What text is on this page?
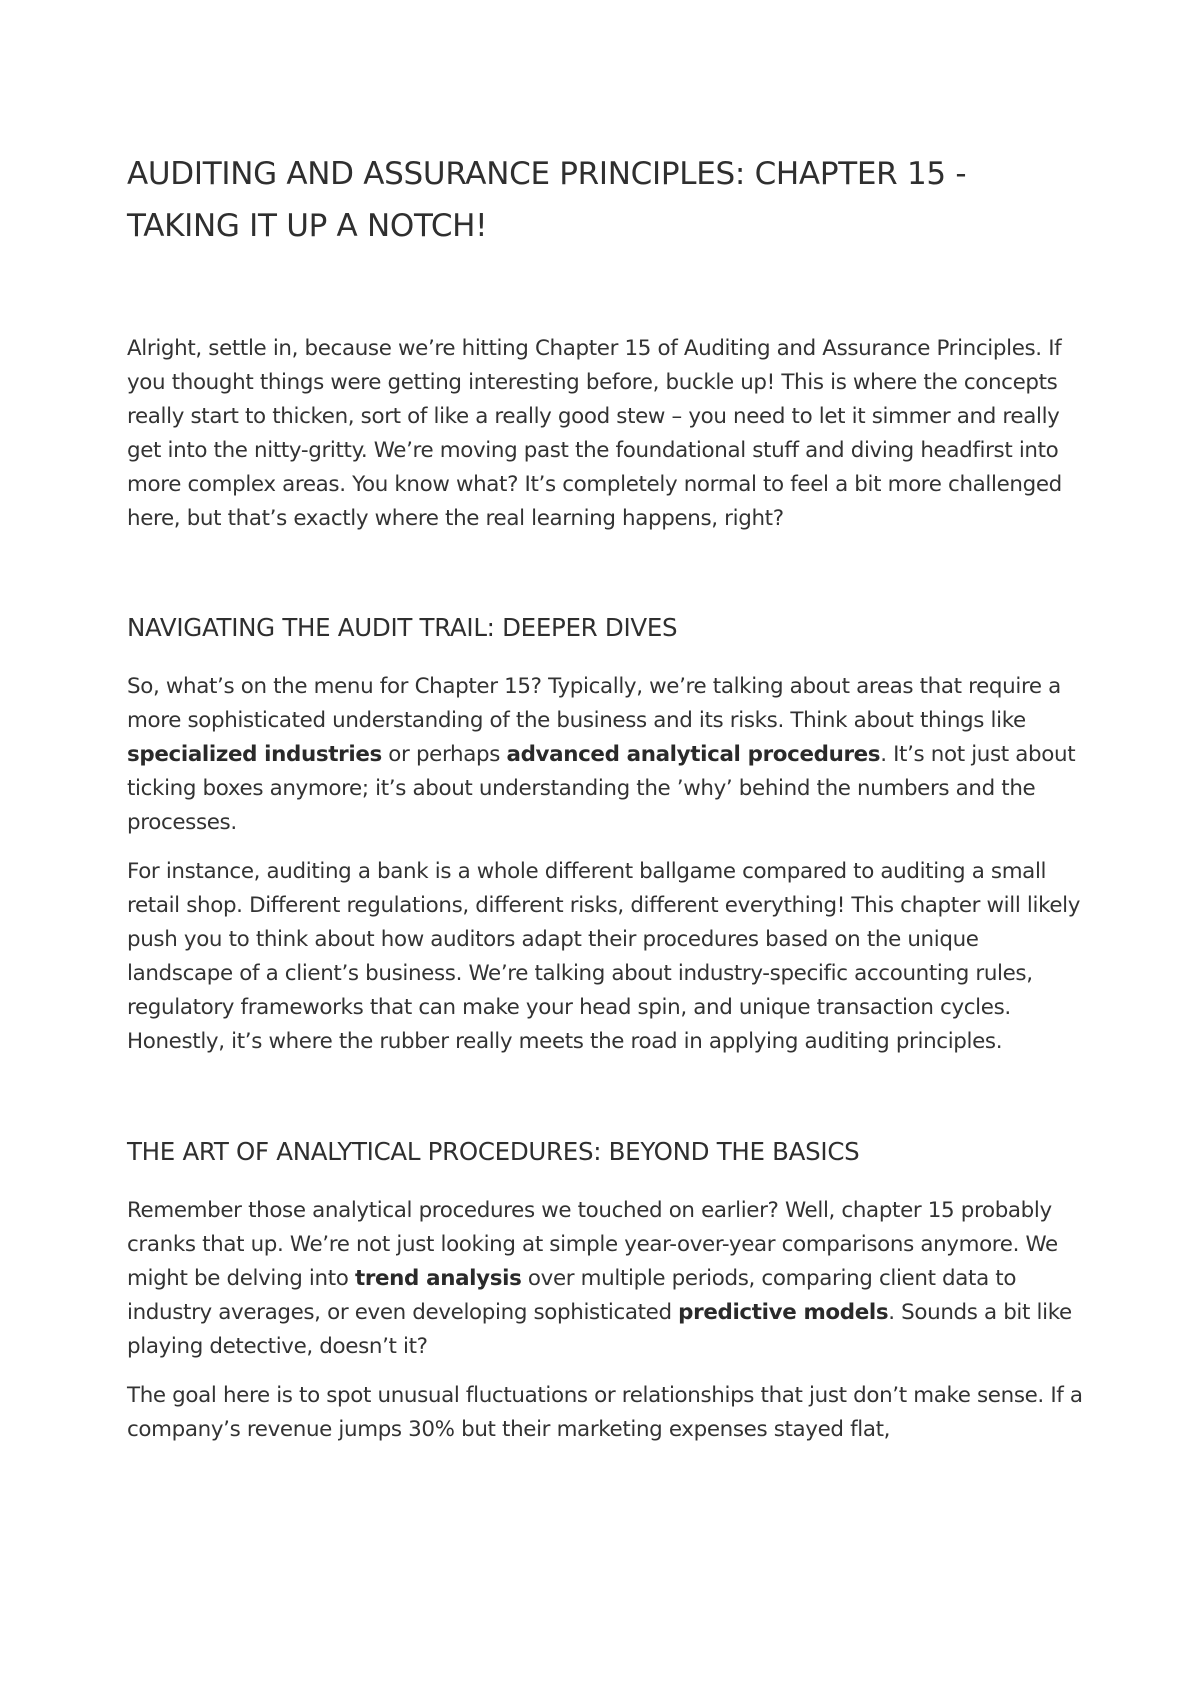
AUDITING AND ASSURANCE PRINCIPLES: CHAPTER 15 - TAKING IT UP A NOTCH!

Alright, settle in, because we’re hitting Chapter 15 of Auditing and Assurance Principles. If you thought things were getting interesting before, buckle up! This is where the concepts really start to thicken, sort of like a really good stew – you need to let it simmer and really get into the nitty-gritty. We’re moving past the foundational stuff and diving headfirst into more complex areas. You know what? It’s completely normal to feel a bit more challenged here, but that’s exactly where the real learning happens, right?

NAVIGATING THE AUDIT TRAIL: DEEPER DIVES

So, what’s on the menu for Chapter 15? Typically, we’re talking about areas that require a more sophisticated understanding of the business and its risks. Think about things like specialized industries or perhaps advanced analytical procedures. It’s not just about ticking boxes anymore; it’s about understanding the ’why’ behind the numbers and the processes.

For instance, auditing a bank is a whole different ballgame compared to auditing a small retail shop. Different regulations, different risks, different everything! This chapter will likely push you to think about how auditors adapt their procedures based on the unique landscape of a client’s business. We’re talking about industry-specific accounting rules, regulatory frameworks that can make your head spin, and unique transaction cycles. Honestly, it’s where the rubber really meets the road in applying auditing principles.

THE ART OF ANALYTICAL PROCEDURES: BEYOND THE BASICS

Remember those analytical procedures we touched on earlier? Well, chapter 15 probably cranks that up. We’re not just looking at simple year-over-year comparisons anymore. We might be delving into trend analysis over multiple periods, comparing client data to industry averages, or even developing sophisticated predictive models. Sounds a bit like playing detective, doesn’t it?

The goal here is to spot unusual fluctuations or relationships that just don’t make sense. If a company’s revenue jumps 30% but their marketing expenses stayed flat,
